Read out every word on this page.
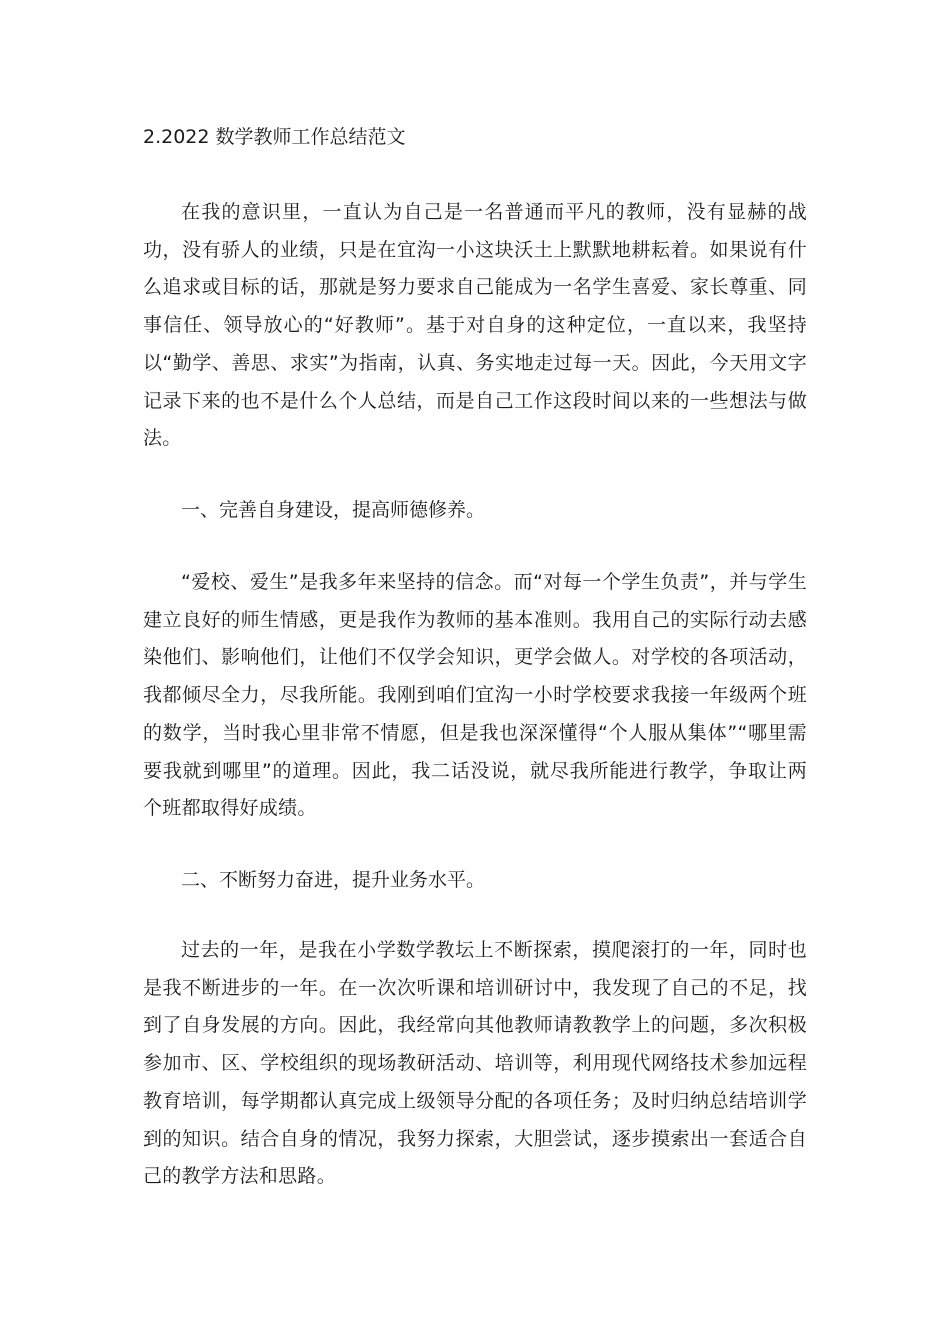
2.2022 数学教师工作总结范文

在我的意识里，一直认为自己是一名普通而平凡的教师，没有显赫的战功，没有骄人的业绩，只是在宜沟一小这块沃土上默默地耕耘着。如果说有什么追求或目标的话，那就是努力要求自己能成为一名学生喜爱、家长尊重、同事信任、领导放心的“好教师”。基于对自身的这种定位，一直以来，我坚持以“勤学、善思、求实”为指南，认真、务实地走过每一天。因此，今天用文字记录下来的也不是什么个人总结，而是自己工作这段时间以来的一些想法与做法。

一、完善自身建设，提高师德修养。

“爱校、爱生”是我多年来坚持的信念。而“对每一个学生负责”，并与学生建立良好的师生情感，更是我作为教师的基本准则。我用自己的实际行动去感染他们、影响他们，让他们不仅学会知识，更学会做人。对学校的各项活动，我都倾尽全力，尽我所能。我刚到咱们宜沟一小时学校要求我接一年级两个班的数学，当时我心里非常不情愿，但是我也深深懂得“个人服从集体”“哪里需要我就到哪里”的道理。因此，我二话没说，就尽我所能进行教学，争取让两个班都取得好成绩。

二、不断努力奋进，提升业务水平。

过去的一年，是我在小学数学教坛上不断探索，摸爬滚打的一年，同时也是我不断进步的一年。在一次次听课和培训研讨中，我发现了自己的不足，找到了自身发展的方向。因此，我经常向其他教师请教教学上的问题，多次积极参加市、区、学校组织的现场教研活动、培训等，利用现代网络技术参加远程教育培训，每学期都认真完成上级领导分配的各项任务；及时归纳总结培训学到的知识。结合自身的情况，我努力探索，大胆尝试，逐步摸索出一套适合自己的教学方法和思路。
